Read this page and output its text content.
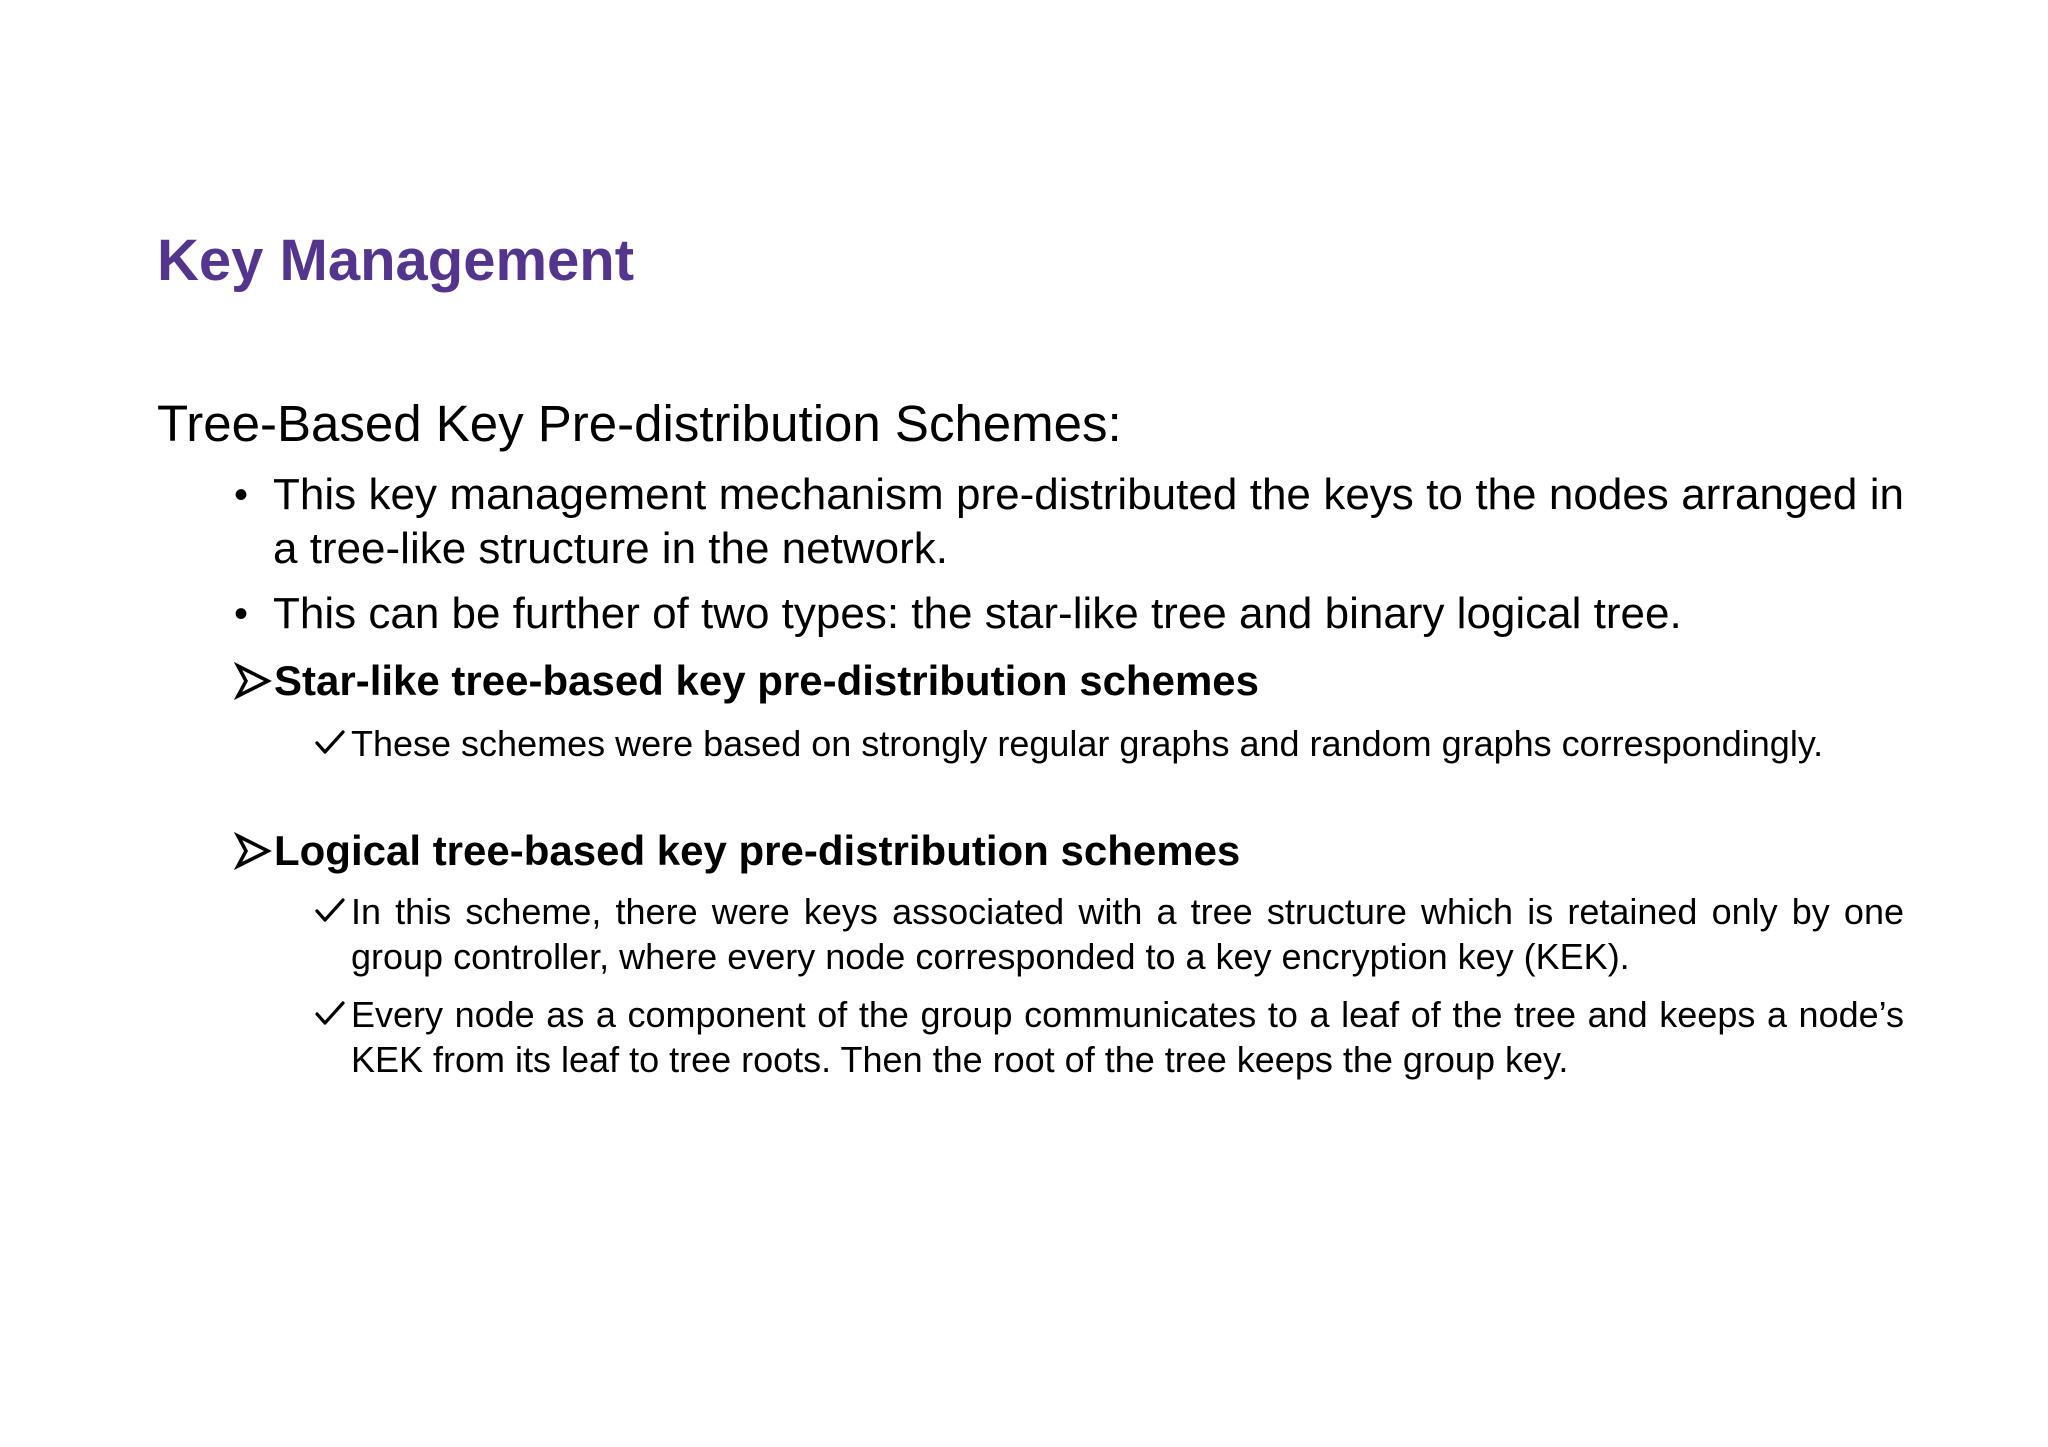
Key Management
Tree-Based Key Pre-distribution Schemes:
• This key management mechanism pre-distributed the keys to the nodes arranged in a tree-like structure in the network.
• This can be further of two types: the star-like tree and binary logical tree.
Star-like tree-based key pre-distribution schemes
These schemes were based on strongly regular graphs and random graphs correspondingly.
Logical tree-based key pre-distribution schemes
In this scheme, there were keys associated with a tree structure which is retained only by one group controller, where every node corresponded to a key encryption key (KEK).
Every node as a component of the group communicates to a leaf of the tree and keeps a node’s KEK from its leaf to tree roots. Then the root of the tree keeps the group key.
